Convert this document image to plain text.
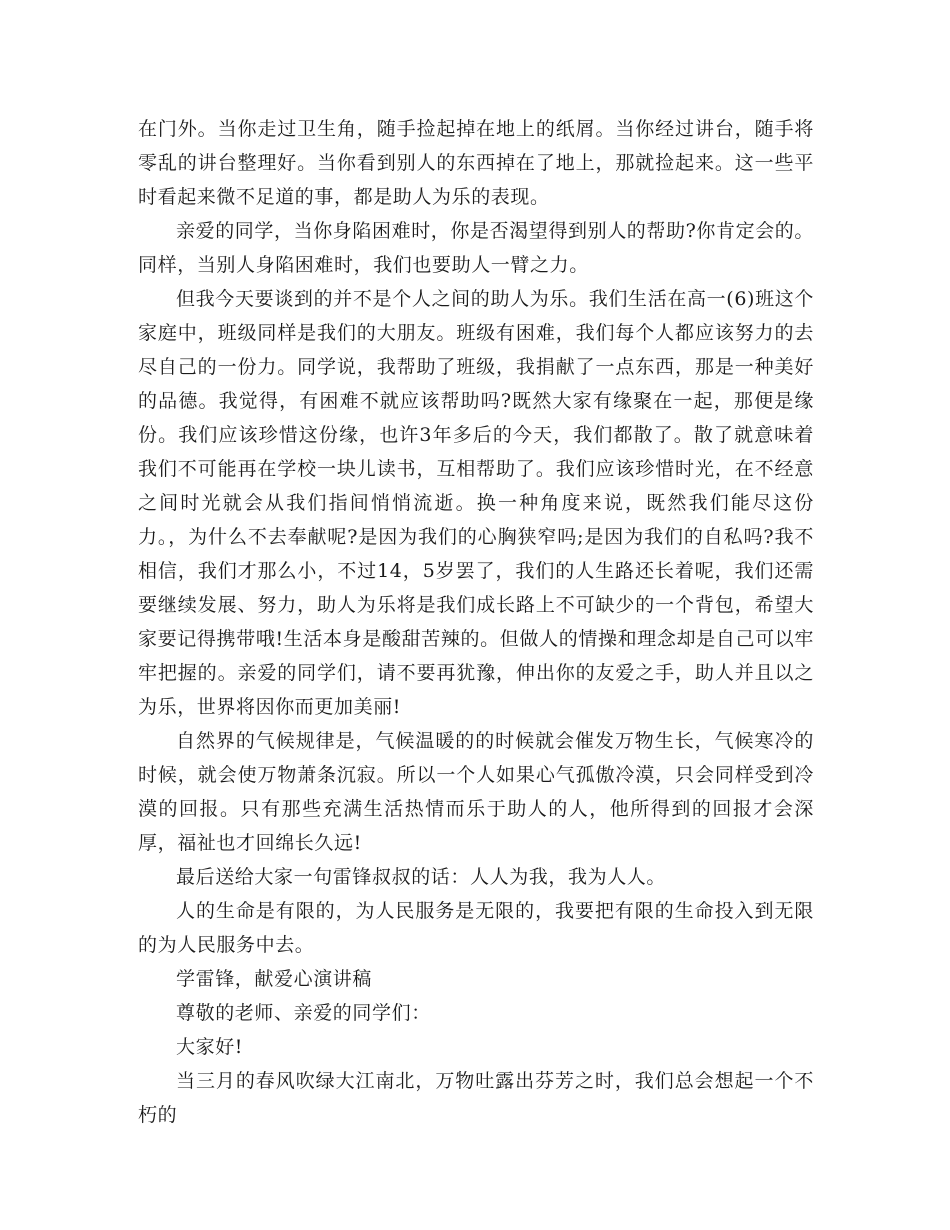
在门外。当你走过卫生角，随手捡起掉在地上的纸屑。当你经过讲台，随手将零乱的讲台整理好。当你看到别人的东西掉在了地上，那就捡起来。这一些平时看起来微不足道的事，都是助人为乐的表现。

亲爱的同学，当你身陷困难时，你是否渴望得到别人的帮助?你肯定会的。同样，当别人身陷困难时，我们也要助人一臂之力。

但我今天要谈到的并不是个人之间的助人为乐。我们生活在高一(6)班这个家庭中，班级同样是我们的大朋友。班级有困难，我们每个人都应该努力的去尽自己的一份力。同学说，我帮助了班级，我捐献了一点东西，那是一种美好的品德。我觉得，有困难不就应该帮助吗?既然大家有缘聚在一起，那便是缘份。我们应该珍惜这份缘，也许3年多后的今天，我们都散了。散了就意味着我们不可能再在学校一块儿读书，互相帮助了。我们应该珍惜时光，在不经意之间时光就会从我们指间悄悄流逝。换一种角度来说，既然我们能尽这份力。，为什么不去奉献呢?是因为我们的心胸狭窄吗;是因为我们的自私吗?我不相信，我们才那么小，不过14，5岁罢了，我们的人生路还长着呢，我们还需要继续发展、努力，助人为乐将是我们成长路上不可缺少的一个背包，希望大家要记得携带哦!生活本身是酸甜苦辣的。但做人的情操和理念却是自己可以牢牢把握的。亲爱的同学们，请不要再犹豫，伸出你的友爱之手，助人并且以之为乐，世界将因你而更加美丽!

自然界的气候规律是，气候温暖的的时候就会催发万物生长，气候寒冷的时候，就会使万物萧条沉寂。所以一个人如果心气孤傲冷漠，只会同样受到冷漠的回报。只有那些充满生活热情而乐于助人的人，他所得到的回报才会深厚，福祉也才回绵长久远!

最后送给大家一句雷锋叔叔的话：人人为我，我为人人。

人的生命是有限的，为人民服务是无限的，我要把有限的生命投入到无限的为人民服务中去。

学雷锋，献爱心演讲稿

尊敬的老师、亲爱的同学们：

大家好!

当三月的春风吹绿大江南北，万物吐露出芬芳之时，我们总会想起一个不朽的
